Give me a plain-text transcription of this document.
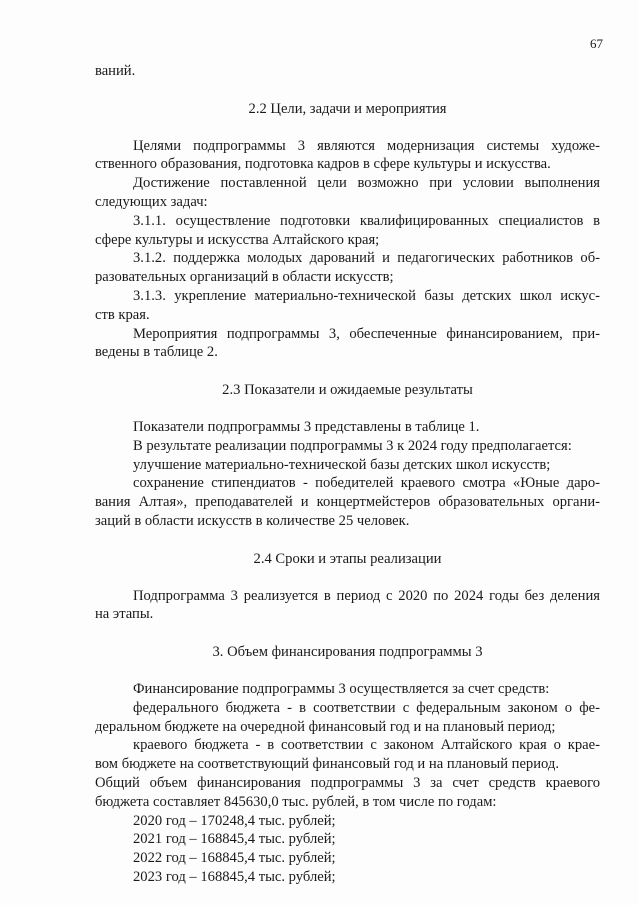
67
ваний.
2.2 Цели, задачи и мероприятия
Целями подпрограммы 3 являются модернизация системы художе-
ственного образования, подготовка кадров в сфере культуры и искусства.
Достижение поставленной цели возможно при условии выполнения
следующих задач:
3.1.1. осуществление подготовки квалифицированных специалистов в
сфере культуры и искусства Алтайского края;
3.1.2. поддержка молодых дарований и педагогических работников об-
разовательных организаций в области искусств;
3.1.3. укрепление материально-технической базы детских школ искус-
ств края.
Мероприятия подпрограммы 3, обеспеченные финансированием, при-
ведены в таблице 2.
2.3 Показатели и ожидаемые результаты
Показатели подпрограммы 3 представлены в таблице 1.
В результате реализации подпрограммы 3 к 2024 году предполагается:
улучшение материально-технической базы детских школ искусств;
сохранение стипендиатов - победителей краевого смотра «Юные даро-
вания Алтая», преподавателей и концертмейстеров образовательных органи-
заций в области искусств в количестве 25 человек.
2.4 Сроки и этапы реализации
Подпрограмма 3 реализуется в период с 2020 по 2024 годы без деления
на этапы.
3. Объем финансирования подпрограммы 3
Финансирование подпрограммы 3 осуществляется за счет средств:
федерального бюджета - в соответствии с федеральным законом о фе-
деральном бюджете на очередной финансовый год и на плановый период;
краевого бюджета - в соответствии с законом Алтайского края о крае-
вом бюджете на соответствующий финансовый год и на плановый период.
Общий объем финансирования подпрограммы 3 за счет средств краевого
бюджета составляет 845630,0 тыс. рублей, в том числе по годам:
2020 год – 170248,4 тыс. рублей;
2021 год – 168845,4 тыс. рублей;
2022 год – 168845,4 тыс. рублей;
2023 год – 168845,4 тыс. рублей;
